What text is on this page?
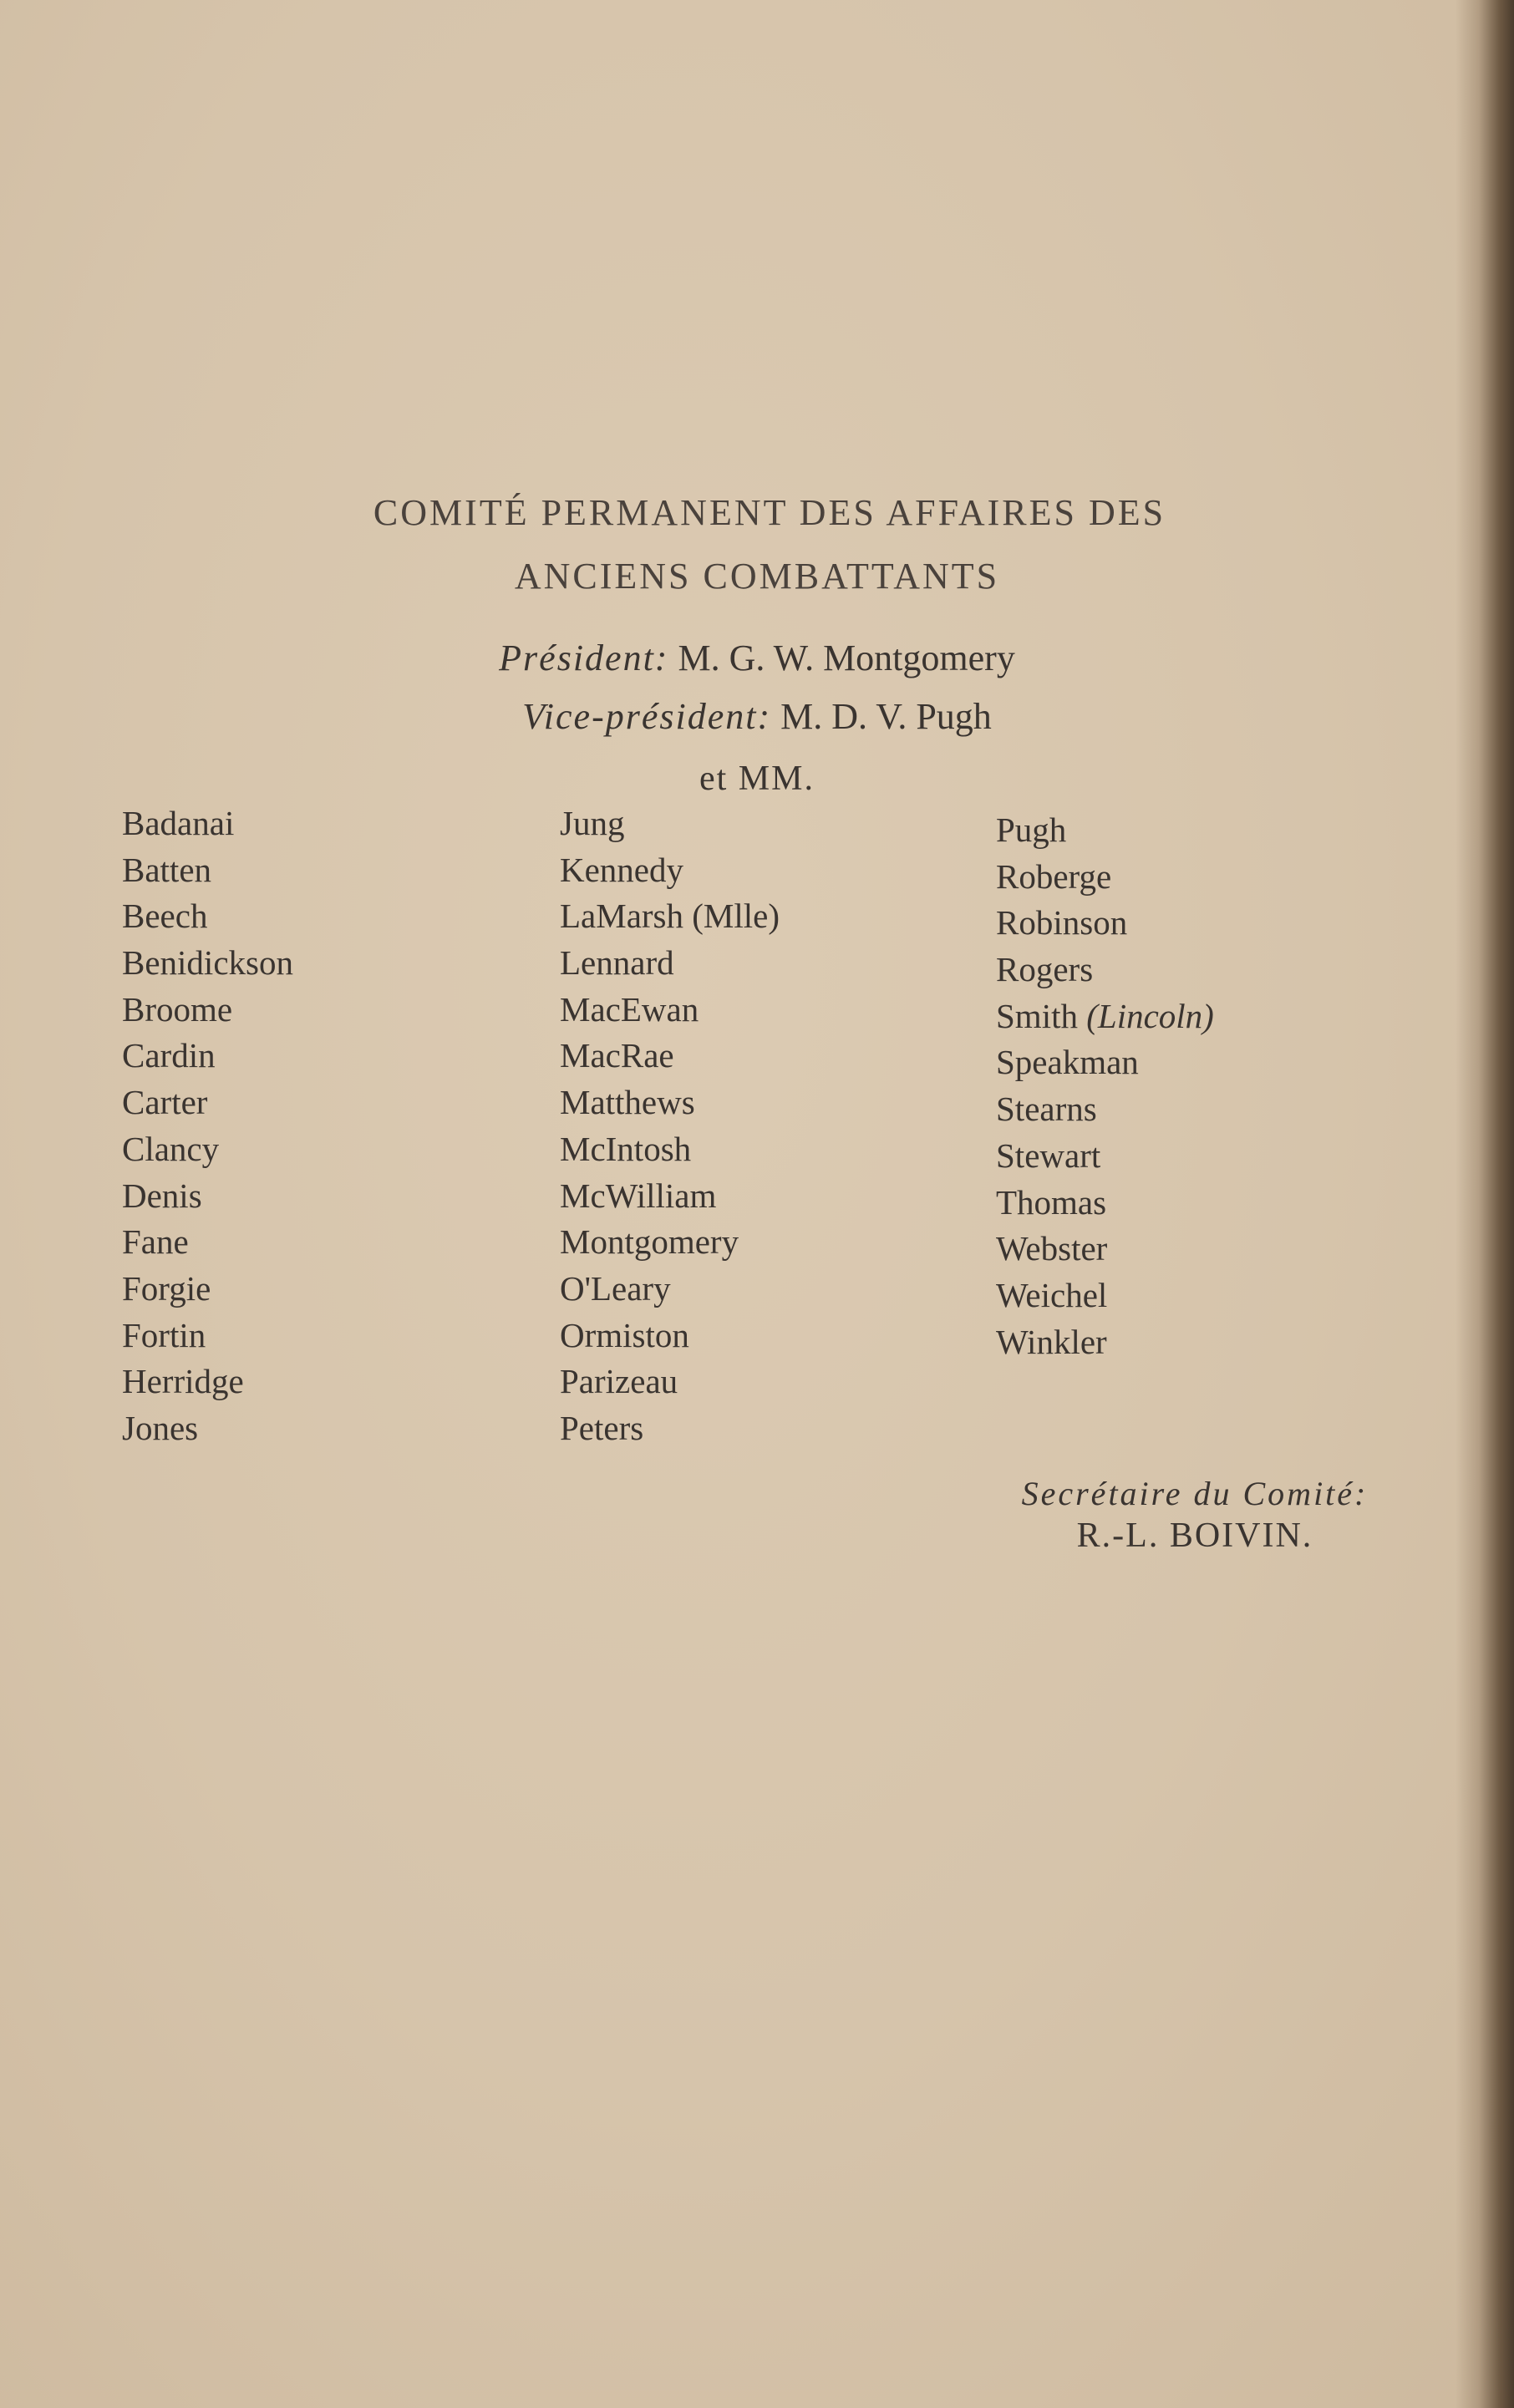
COMITÉ PERMANENT DES AFFAIRES DES
ANCIENS COMBATTANTS
Président: M. G. W. Montgomery
Vice-président: M. D. V. Pugh
et MM.
Badanai
Batten
Beech
Benidickson
Broome
Cardin
Carter
Clancy
Denis
Fane
Forgie
Fortin
Herridge
Jones
Jung
Kennedy
LaMarsh (Mlle)
Lennard
MacEwan
MacRae
Matthews
McIntosh
McWilliam
Montgomery
O'Leary
Ormiston
Parizeau
Peters
Pugh
Roberge
Robinson
Rogers
Smith (Lincoln)
Speakman
Stearns
Stewart
Thomas
Webster
Weichel
Winkler
Secrétaire du Comité:
R.-L. BOIVIN.
